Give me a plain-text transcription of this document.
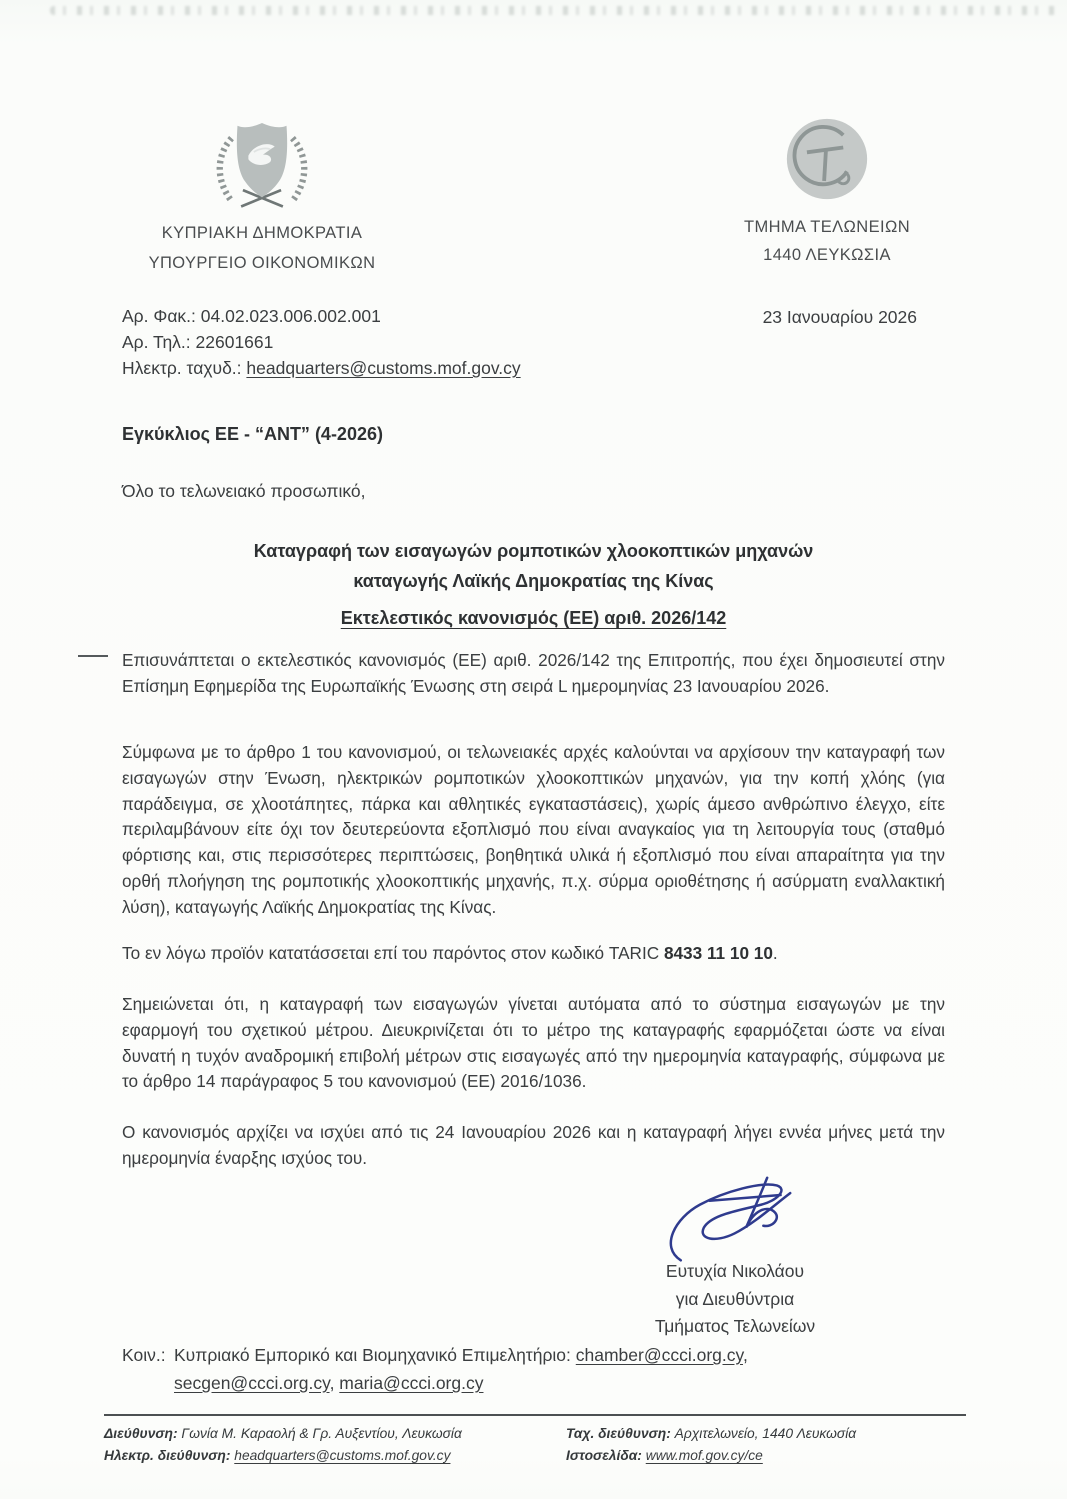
ΚΥΠΡΙΑΚΗ ΔΗΜΟΚΡΑΤΙΑ
ΥΠΟΥΡΓΕΙΟ ΟΙΚΟΝΟΜΙΚΩΝ
ΤΜΗΜΑ ΤΕΛΩΝΕΙΩΝ
1440 ΛΕΥΚΩΣΙΑ
Αρ. Φακ.: 04.02.023.006.002.001
Αρ. Τηλ.: 22601661
Ηλεκτρ. ταχυδ.: headquarters@customs.mof.gov.cy
23 Ιανουαρίου 2026
Εγκύκλιος ΕΕ - “ΑΝΤ” (4-2026)
Όλο το τελωνειακό προσωπικό,
Καταγραφή των εισαγωγών ρομποτικών χλοοκοπτικών μηχανών
καταγωγής Λαϊκής Δημοκρατίας της Κίνας
Εκτελεστικός κανονισμός (ΕΕ) αριθ. 2026/142
Επισυνάπτεται ο εκτελεστικός κανονισμός (ΕΕ) αριθ. 2026/142 της Επιτροπής, που έχει δημοσιευτεί στην Επίσημη Εφημερίδα της Ευρωπαϊκής Ένωσης στη σειρά L ημερομηνίας 23 Ιανουαρίου 2026.
Σύμφωνα με το άρθρο 1 του κανονισμού, οι τελωνειακές αρχές καλούνται να αρχίσουν την καταγραφή των εισαγωγών στην Ένωση, ηλεκτρικών ρομποτικών χλοοκοπτικών μηχανών, για την κοπή χλόης (για παράδειγμα, σε χλοοτάπητες, πάρκα και αθλητικές εγκαταστάσεις), χωρίς άμεσο ανθρώπινο έλεγχο, είτε περιλαμβάνουν είτε όχι τον δευτερεύοντα εξοπλισμό που είναι αναγκαίος για τη λειτουργία τους (σταθμό φόρτισης και, στις περισσότερες περιπτώσεις, βοηθητικά υλικά ή εξοπλισμό που είναι απαραίτητα για την ορθή πλοήγηση της ρομποτικής χλοοκοπτικής μηχανής, π.χ. σύρμα οριοθέτησης ή ασύρματη εναλλακτική λύση), καταγωγής Λαϊκής Δημοκρατίας της Κίνας.
Το εν λόγω προϊόν κατατάσσεται επί του παρόντος στον κωδικό TARIC 8433 11 10 10.
Σημειώνεται ότι, η καταγραφή των εισαγωγών γίνεται αυτόματα από το σύστημα εισαγωγών με την εφαρμογή του σχετικού μέτρου. Διευκρινίζεται ότι το μέτρο της καταγραφής εφαρμόζεται ώστε να είναι δυνατή η τυχόν αναδρομική επιβολή μέτρων στις εισαγωγές από την ημερομηνία καταγραφής, σύμφωνα με το άρθρο 14 παράγραφος 5 του κανονισμού (ΕΕ) 2016/1036.
Ο κανονισμός αρχίζει να ισχύει από τις 24 Ιανουαρίου 2026 και η καταγραφή λήγει εννέα μήνες μετά την ημερομηνία έναρξης ισχύος του.
Ευτυχία Νικολάου
για Διευθύντρια
Τμήματος Τελωνείων
Κοιν.: Κυπριακό Εμπορικό και Βιομηχανικό Επιμελητήριο: chamber@ccci.org.cy,
secgen@ccci.org.cy, maria@ccci.org.cy
Διεύθυνση: Γωνία Μ. Καραολή & Γρ. Αυξεντίου, Λευκωσία
Ηλεκτρ. διεύθυνση: headquarters@customs.mof.gov.cy
Ταχ. διεύθυνση: Αρχιτελωνείο, 1440 Λευκωσία
Ιστοσελίδα: www.mof.gov.cy/ce
